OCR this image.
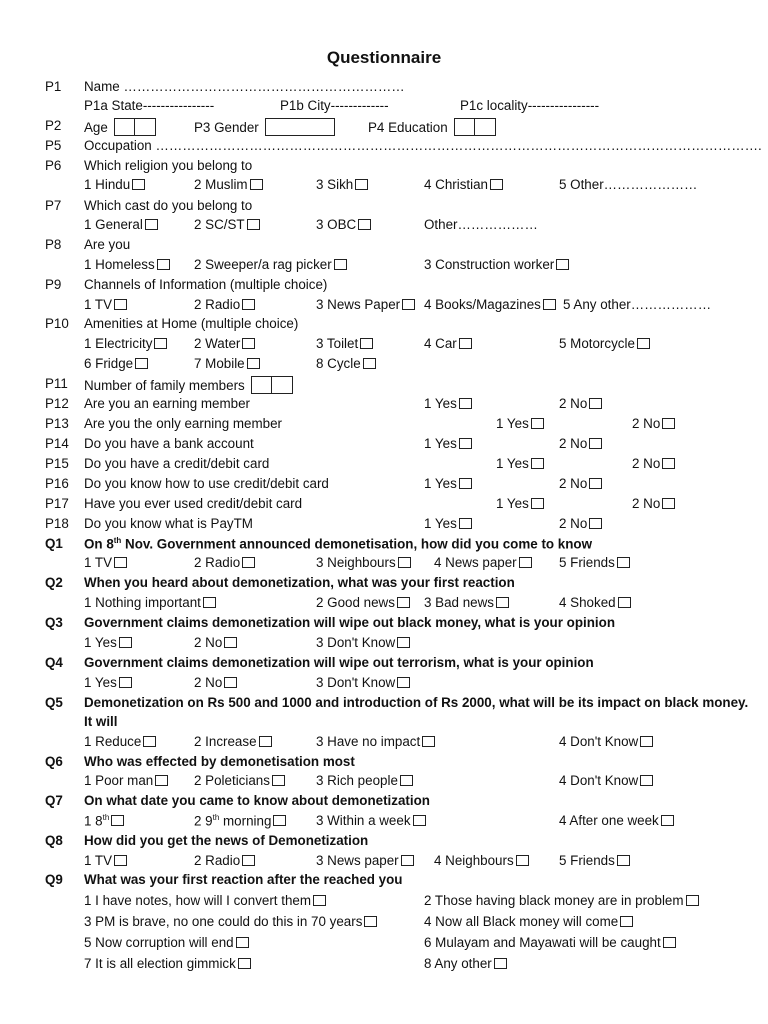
Questionnaire
P1 Name ………………………………………………………
P1a State----------------	P1b City-------------	P1c locality----------------
P2 Age	P3 Gender	P4 Education
P5 Occupation ……………………………………………………………………………………………………………………….
P6 Which religion you belong to
1 Hindu	2 Muslim	3 Sikh	4 Christian	5 Other…………………
P7 Which cast do you belong to
1 General	2 SC/ST	3 OBC	Other………………
P8 Are you
1 Homeless	2 Sweeper/a rag picker	3 Construction worker
P9 Channels of Information (multiple choice)
1 TV	2 Radio	3 News Paper	4 Books/Magazines	5 Any other………………
P10 Amenities at Home (multiple choice)
1 Electricity	2 Water	3 Toilet	4 Car	5 Motorcycle
6 Fridge	7 Mobile	8 Cycle
P11 Number of family members
P12 Are you an earning member	1 Yes	2 No
P13 Are you the only earning member	1 Yes	2 No
P14 Do you have a bank account	1 Yes	2 No
P15 Do you have a credit/debit card	1 Yes	2 No
P16 Do you know how to use credit/debit card	1 Yes	2 No
P17 Have you ever used credit/debit card	1 Yes	2 No
P18 Do you know what is PayTM	1 Yes	2 No
Q1 On 8th Nov. Government announced demonetisation, how did you come to know
1 TV	2 Radio	3 Neighbours	4 News paper	5 Friends
Q2 When you heard about demonetization, what was your first reaction
1 Nothing important	2 Good news	3 Bad news	4 Shoked
Q3 Government claims demonetization will wipe out black money, what is your opinion
1 Yes	2 No	3 Don't Know
Q4 Government claims demonetization will wipe out terrorism, what is your opinion
1 Yes	2 No	3 Don't Know
Q5 Demonetization on Rs 500 and 1000 and introduction of Rs 2000, what will be its impact on black money.
It will
1 Reduce	2 Increase	3 Have no impact	4 Don't Know
Q6 Who was effected by demonetisation most
1 Poor man	2 Poleticians	3 Rich people	4 Don't Know
Q7 On what date you came to know about demonetization
1 8th	2 9th morning	3 Within a week	4 After one week
Q8 How did you get the news of Demonetization
1 TV	2 Radio	3 News paper	4 Neighbours	5 Friends
Q9 What was your first reaction after the reached you
1 I have notes, how will I convert them	2 Those having black money are in problem
3 PM is brave, no one could do this in 70 years	4 Now all Black money will come
5 Now corruption will end	6 Mulayam and Mayawati will be caught
7 It is all election gimmick	8 Any other
